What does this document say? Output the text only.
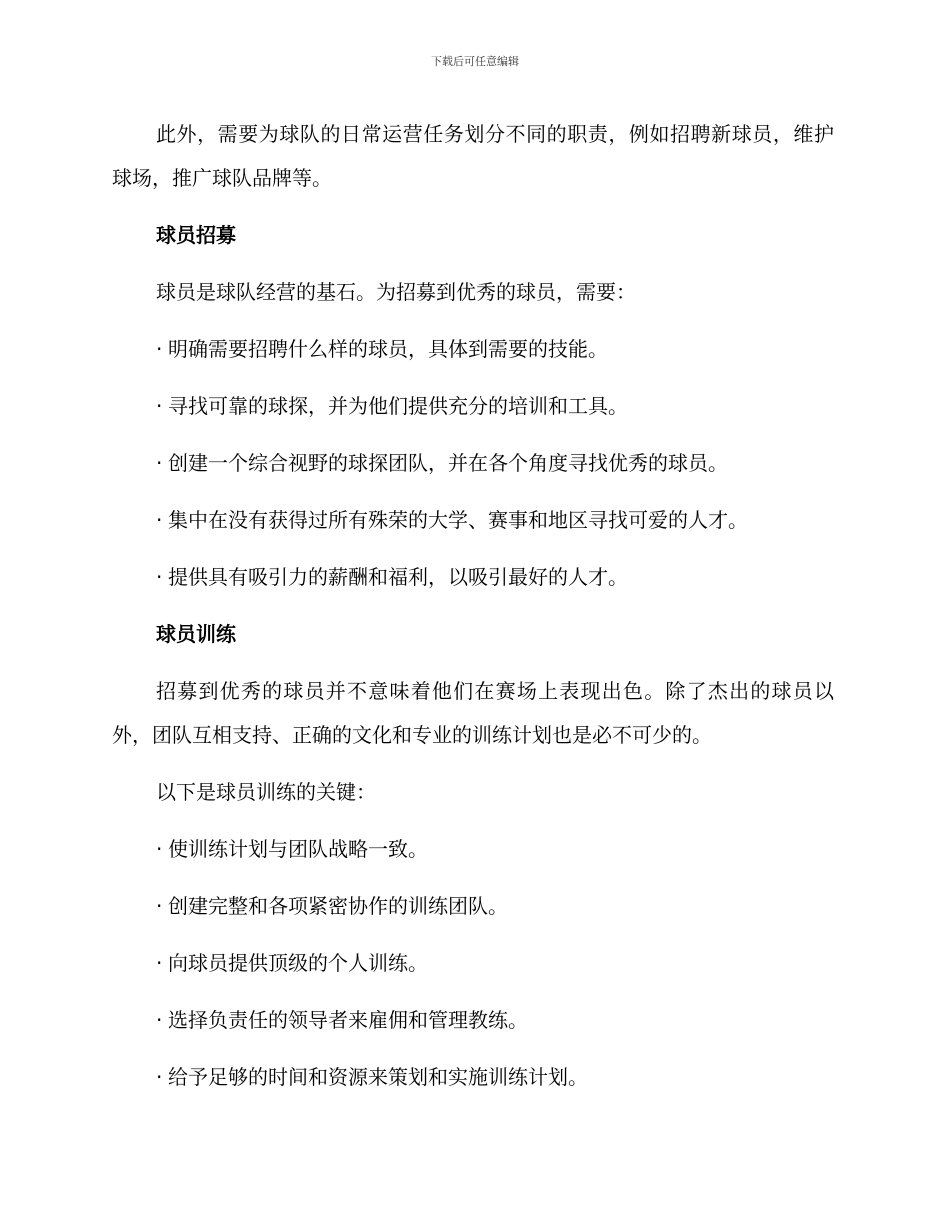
下载后可任意编辑

此外，需要为球队的日常运营任务划分不同的职责，例如招聘新球员，维护球场，推广球队品牌等。

球员招募

球员是球队经营的基石。为招募到优秀的球员，需要：

· 明确需要招聘什么样的球员，具体到需要的技能。
· 寻找可靠的球探，并为他们提供充分的培训和工具。
· 创建一个综合视野的球探团队，并在各个角度寻找优秀的球员。
· 集中在没有获得过所有殊荣的大学、赛事和地区寻找可爱的人才。
· 提供具有吸引力的薪酬和福利，以吸引最好的人才。
球员训练

招募到优秀的球员并不意味着他们在赛场上表现出色。除了杰出的球员以外，团队互相支持、正确的文化和专业的训练计划也是必不可少的。

以下是球员训练的关键：

· 使训练计划与团队战略一致。
· 创建完整和各项紧密协作的训练团队。
· 向球员提供顶级的个人训练。
· 选择负责任的领导者来雇佣和管理教练。
· 给予足够的时间和资源来策划和实施训练计划。
